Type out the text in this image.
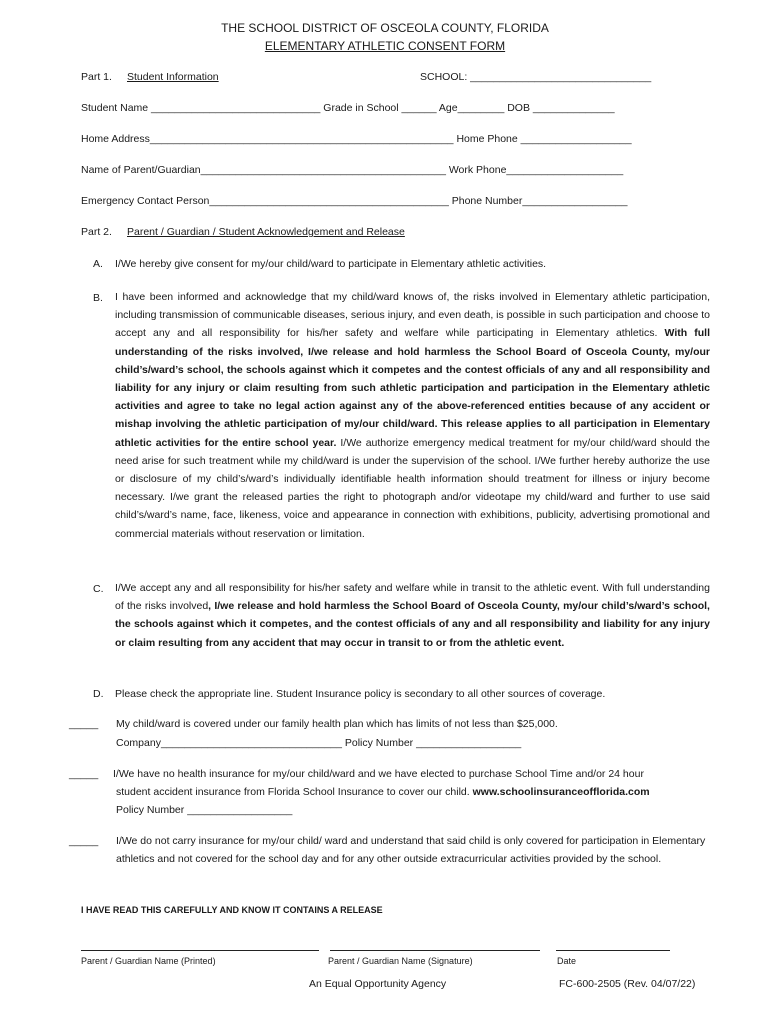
THE SCHOOL DISTRICT OF OSCEOLA COUNTY, FLORIDA
ELEMENTARY ATHLETIC CONSENT FORM
Part 1. Student Information	SCHOOL: _______________________________
Student Name _____________________________ Grade in School ______ Age________ DOB ______________
Home Address____________________________________________________ Home Phone ___________________
Name of Parent/Guardian__________________________________________ Work Phone____________________
Emergency Contact Person_________________________________________ Phone Number__________________
Part 2. Parent / Guardian / Student Acknowledgement and Release
A. I/We hereby give consent for my/our child/ward to participate in Elementary athletic activities.
B. I have been informed and acknowledge that my child/ward knows of, the risks involved in Elementary athletic participation, including transmission of communicable diseases, serious injury, and even death, is possible in such participation and choose to accept any and all responsibility for his/her safety and welfare while participating in Elementary athletics. With full understanding of the risks involved, I/we release and hold harmless the School Board of Osceola County, my/our child’s/ward’s school, the schools against which it competes and the contest officials of any and all responsibility and liability for any injury or claim resulting from such athletic participation and participation in the Elementary athletic activities and agree to take no legal action against any of the above-referenced entities because of any accident or mishap involving the athletic participation of my/our child/ward. This release applies to all participation in Elementary athletic activities for the entire school year. I/We authorize emergency medical treatment for my/our child/ward should the need arise for such treatment while my child/ward is under the supervision of the school. I/We further hereby authorize the use or disclosure of my child’s/ward’s individually identifiable health information should treatment for illness or injury become necessary. I/we grant the released parties the right to photograph and/or videotape my child/ward and further to use said child’s/ward’s name, face, likeness, voice and appearance in connection with exhibitions, publicity, advertising promotional and commercial materials without reservation or limitation.
C. I/We accept any and all responsibility for his/her safety and welfare while in transit to the athletic event. With full understanding of the risks involved, I/we release and hold harmless the School Board of Osceola County, my/our child’s/ward’s school, the schools against which it competes, and the contest officials of any and all responsibility and liability for any injury or claim resulting from any accident that may occur in transit to or from the athletic event.
D. Please check the appropriate line. Student Insurance policy is secondary to all other sources of coverage.
_____ My child/ward is covered under our family health plan which has limits of not less than $25,000.
Company_______________________________ Policy Number __________________
_____ I/We have no health insurance for my/our child/ward and we have elected to purchase School Time and/or 24 hour
student accident insurance from Florida School Insurance to cover our child. www.schoolinsuranceofflorida.com
Policy Number __________________
_____ I/We do not carry insurance for my/our child/ ward and understand that said child is only covered for participation in Elementary athletics and not covered for the school day and for any other outside extracurricular activities provided by the school.
I HAVE READ THIS CAREFULLY AND KNOW IT CONTAINS A RELEASE
Parent / Guardian Name (Printed)	Parent / Guardian Name (Signature)	Date
An Equal Opportunity Agency	FC-600-2505 (Rev. 04/07/22)
